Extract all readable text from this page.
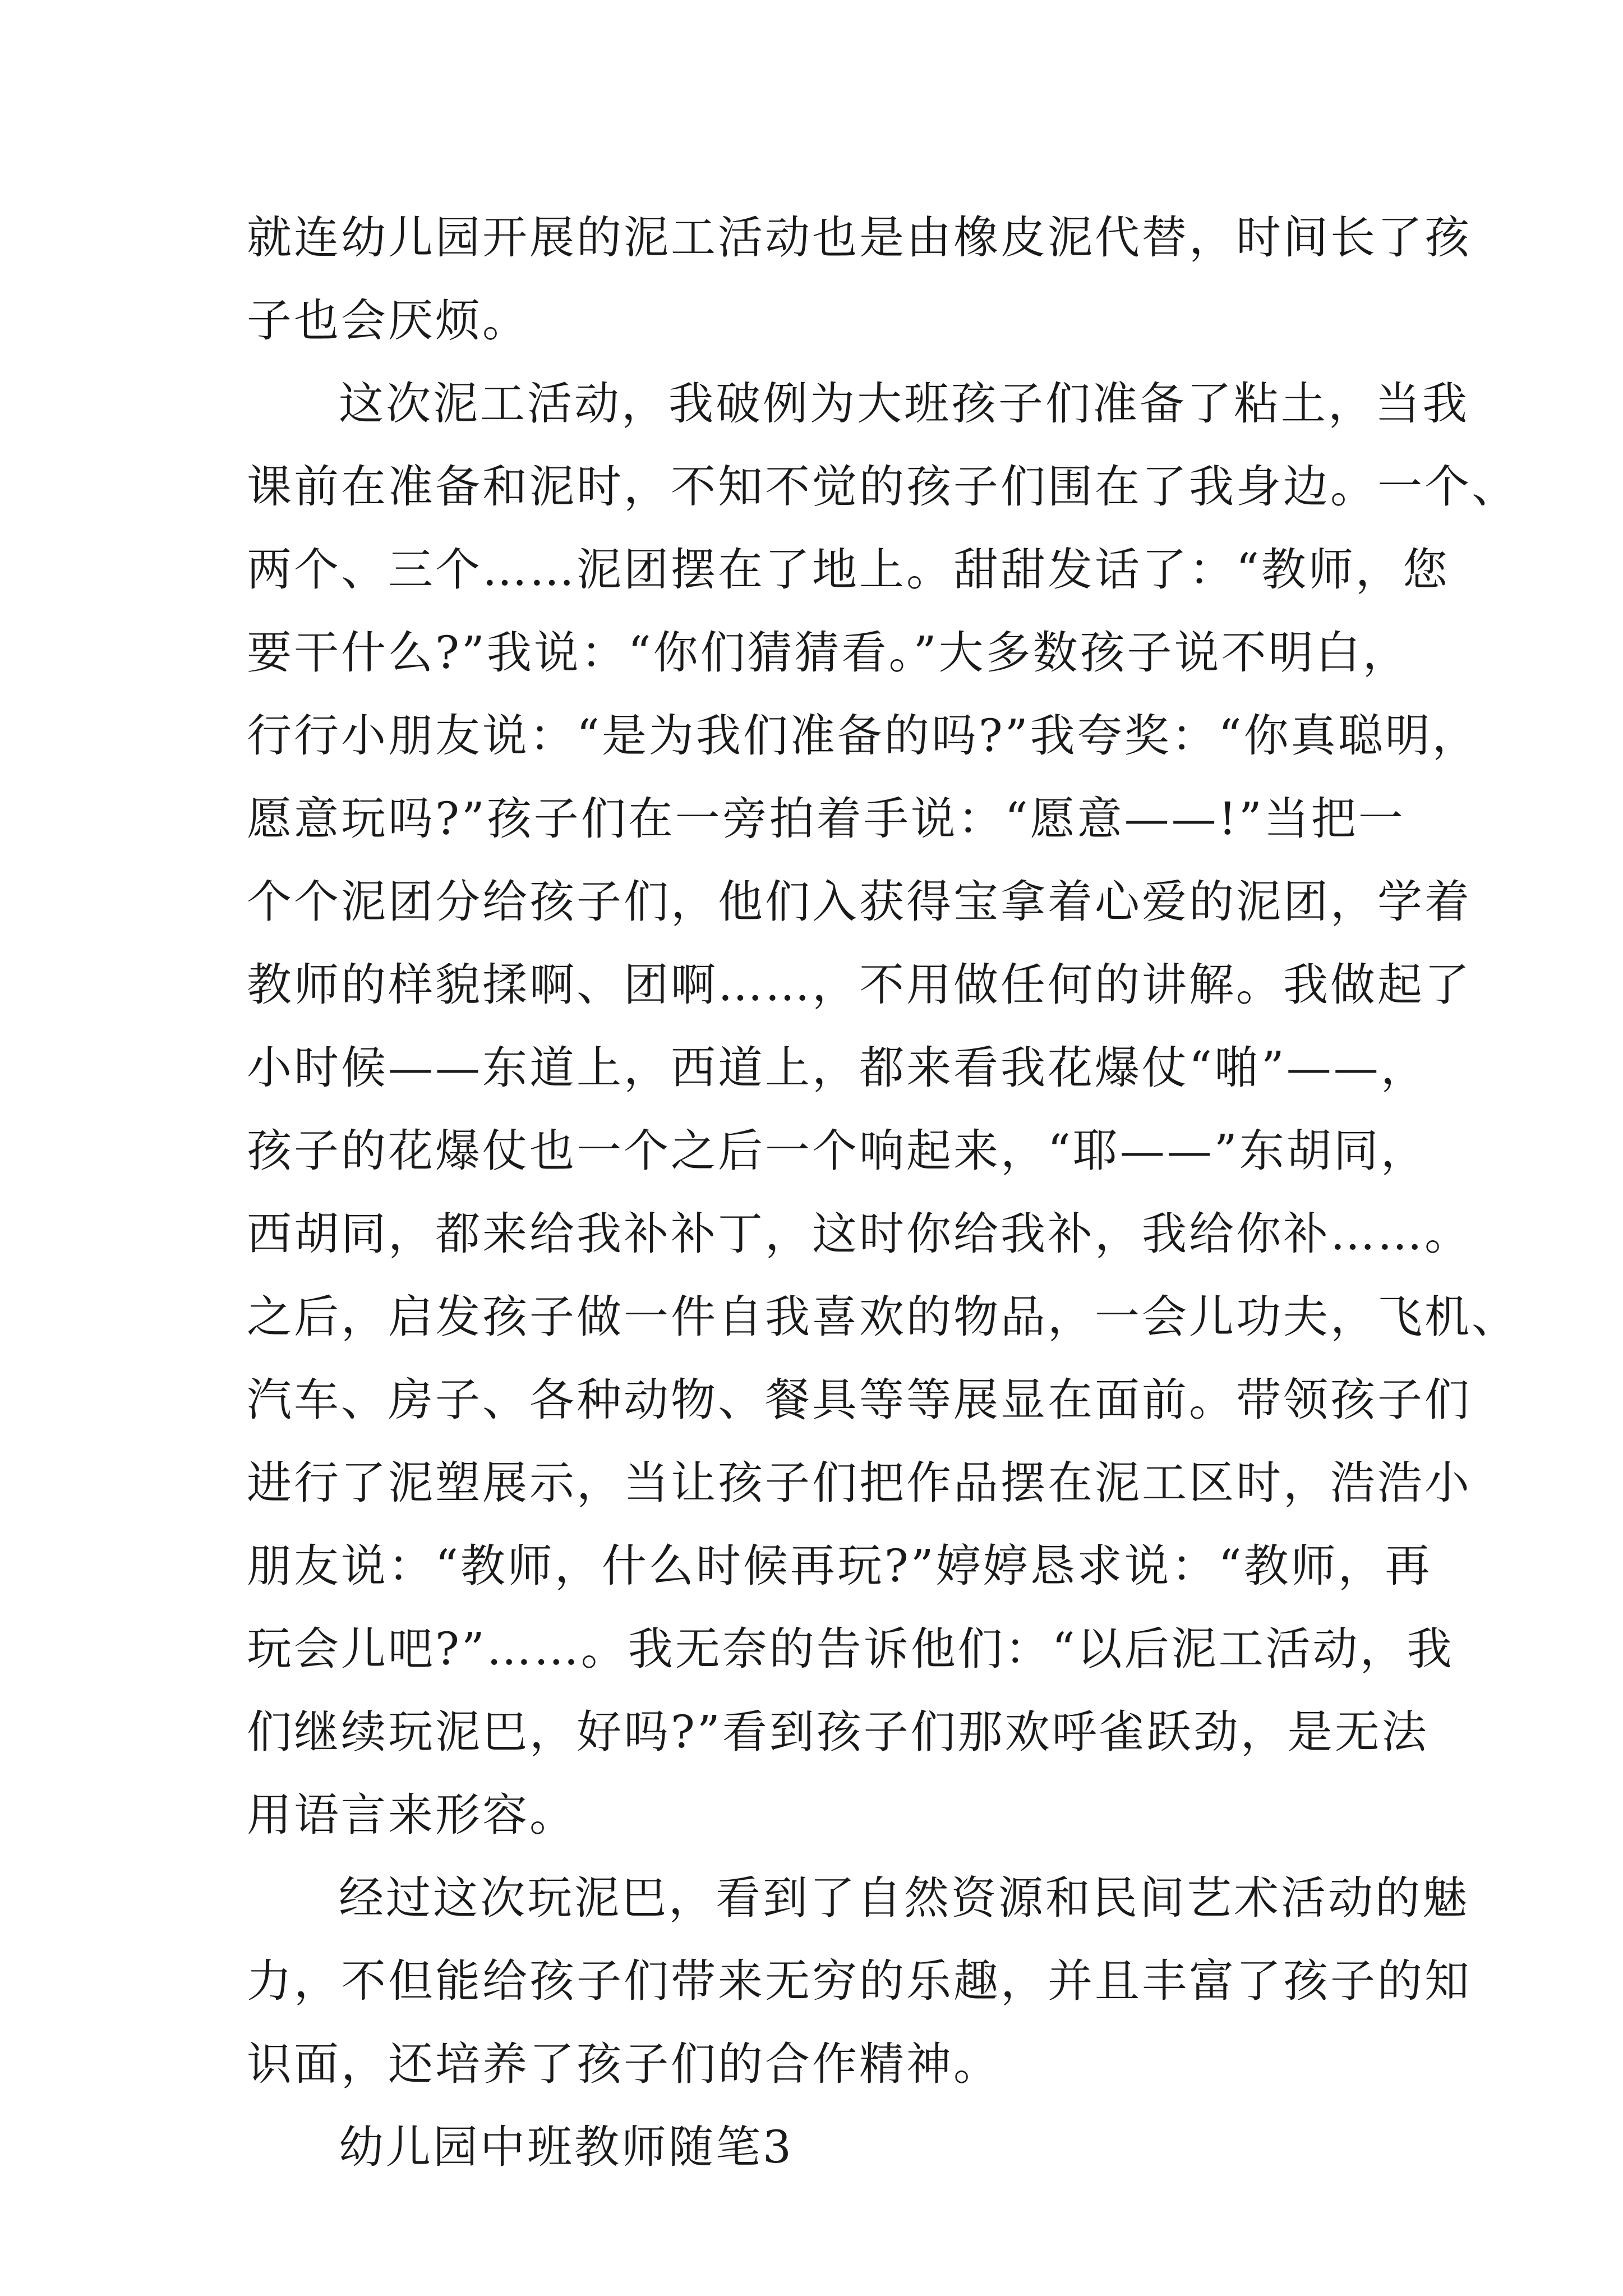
就连幼儿园开展的泥工活动也是由橡皮泥代替，时间长了孩
子也会厌烦。
这次泥工活动，我破例为大班孩子们准备了粘土，当我
课前在准备和泥时，不知不觉的孩子们围在了我身边。一个、
两个、三个……泥团摆在了地上。甜甜发话了：“教师，您
要干什么?”我说：“你们猜猜看。”大多数孩子说不明白，
行行小朋友说：“是为我们准备的吗?”我夸奖：“你真聪明，
愿意玩吗?”孩子们在一旁拍着手说：“愿意——!”当把一
个个泥团分给孩子们，他们入获得宝拿着心爱的泥团，学着
教师的样貌揉啊、团啊……，不用做任何的讲解。我做起了
小时候——东道上，西道上，都来看我花爆仗“啪”——，
孩子的花爆仗也一个之后一个响起来，“耶——”东胡同，
西胡同，都来给我补补丁，这时你给我补，我给你补……。
之后，启发孩子做一件自我喜欢的物品，一会儿功夫，飞机、
汽车、房子、各种动物、餐具等等展显在面前。带领孩子们
进行了泥塑展示，当让孩子们把作品摆在泥工区时，浩浩小
朋友说：“教师，什么时候再玩?”婷婷恳求说：“教师，再
玩会儿吧?”……。我无奈的告诉他们：“以后泥工活动，我
们继续玩泥巴，好吗?”看到孩子们那欢呼雀跃劲，是无法
用语言来形容。
经过这次玩泥巴，看到了自然资源和民间艺术活动的魅
力，不但能给孩子们带来无穷的乐趣，并且丰富了孩子的知
识面，还培养了孩子们的合作精神。
幼儿园中班教师随笔3
